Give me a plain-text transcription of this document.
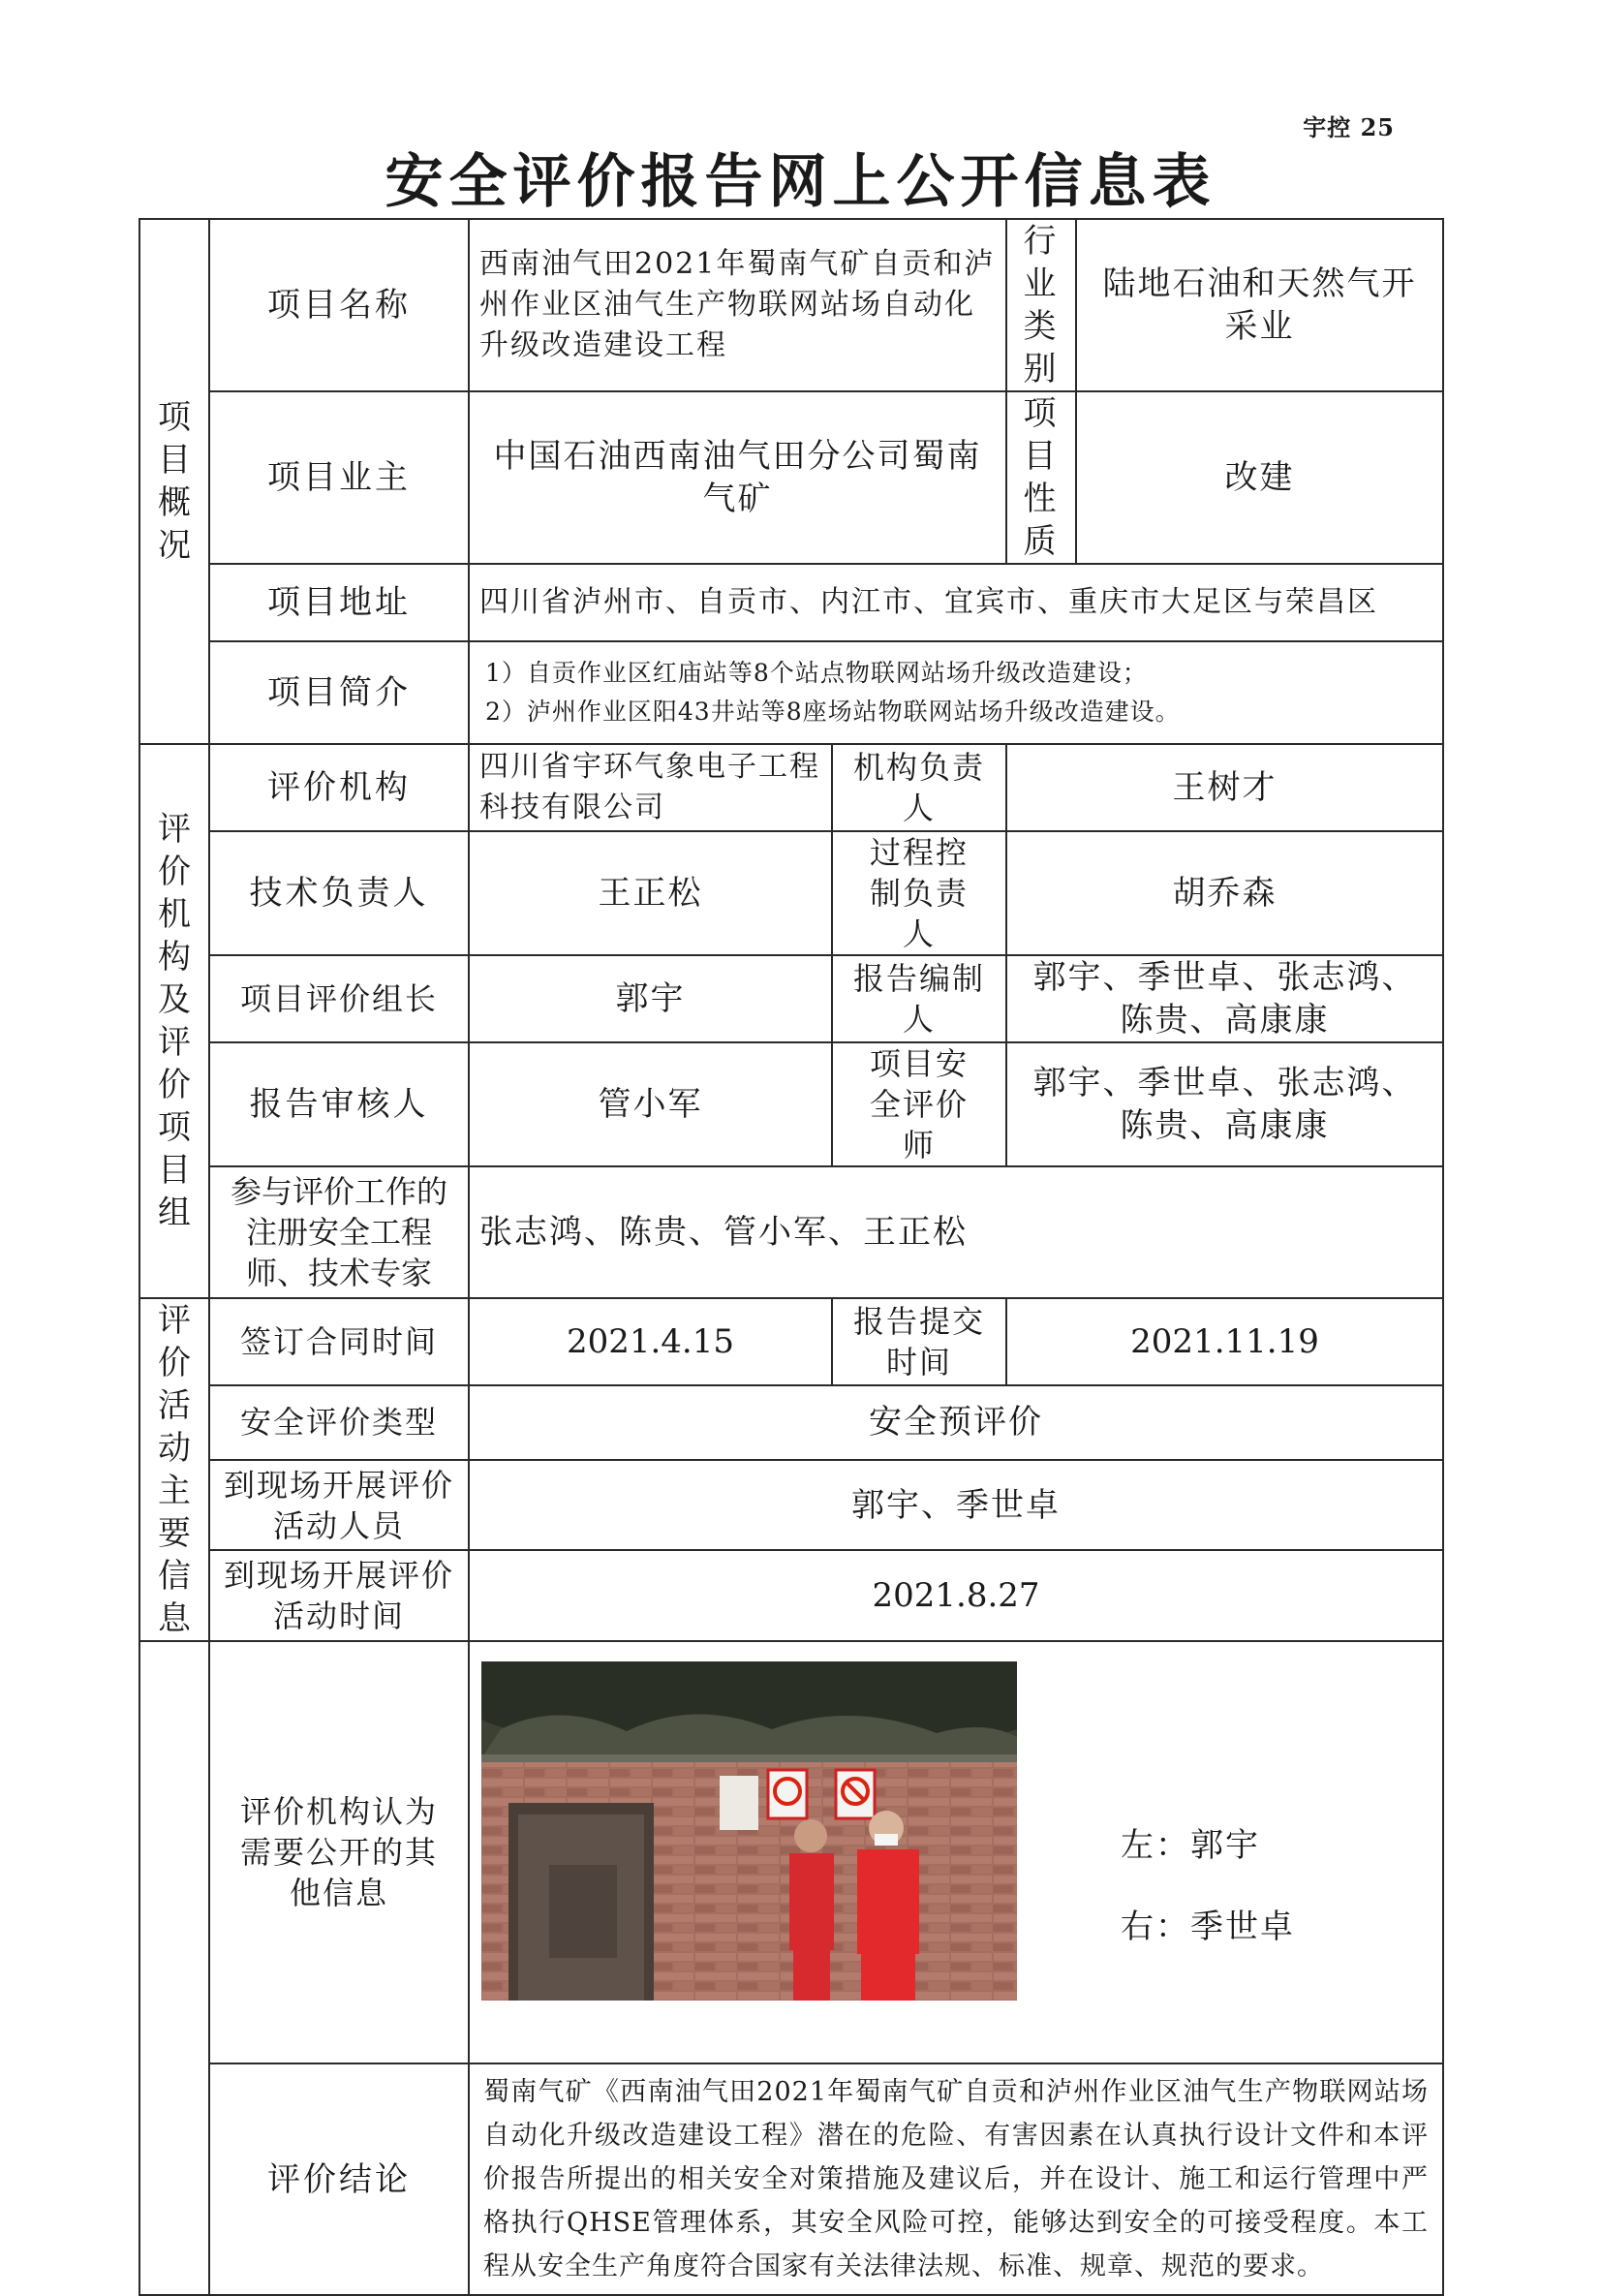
宇控 25
安全评价报告网上公开信息表
项目概况	项目名称	西南油气田2021年蜀南气矿自贡和泸州作业区油气生产物联网站场自动化升级改造建设工程		行业类别	陆地石油和天然气开采业
	项目业主	中国石油西南油气田分公司蜀南气矿		项目性质	改建
	项目地址	四川省泸州市、自贡市、内江市、宜宾市、重庆市大足区与荣昌区			
	项目简介	1）自贡作业区红庙站等8个站点物联网站场升级改造建设；
2）泸州作业区阳43井站等8座场站物联网站场升级改造建设。			

评价机构及评价项目组	评价机构	四川省宇环气象电子工程科技有限公司	机构负责人	王树才	
	技术负责人	王正松	过程控制负责人	胡乔森	
	项目评价组长	郭宇	报告编制人	郭宇、季世卓、张志鸿、陈贵、高康康	
	报告审核人	管小军	项目安全评价师	郭宇、季世卓、张志鸿、陈贵、高康康	
	参与评价工作的注册安全工程师、技术专家	张志鸿、陈贵、管小军、王正松			

评价活动主要信息	签订合同时间	2021.4.15	报告提交时间	2021.11.19	
	安全评价类型	安全预评价			
	到现场开展评价活动人员	郭宇、季世卓			
	到现场开展评价活动时间	2021.8.27			
	评价机构认为需要公开的其他信息	左：郭宇
右：季世卓			

	评价结论	蜀南气矿《西南油气田2021年蜀南气矿自贡和泸州作业区油气生产物联网站场自动化升级改造建设工程》潜在的危险、有害因素在认真执行设计文件和本评价报告所提出的相关安全对策措施及建议后，并在设计、施工和运行管理中严格执行QHSE管理体系，其安全风险可控，能够达到安全的可接受程度。本工程从安全生产角度符合国家有关法律法规、标准、规章、规范的要求。			
